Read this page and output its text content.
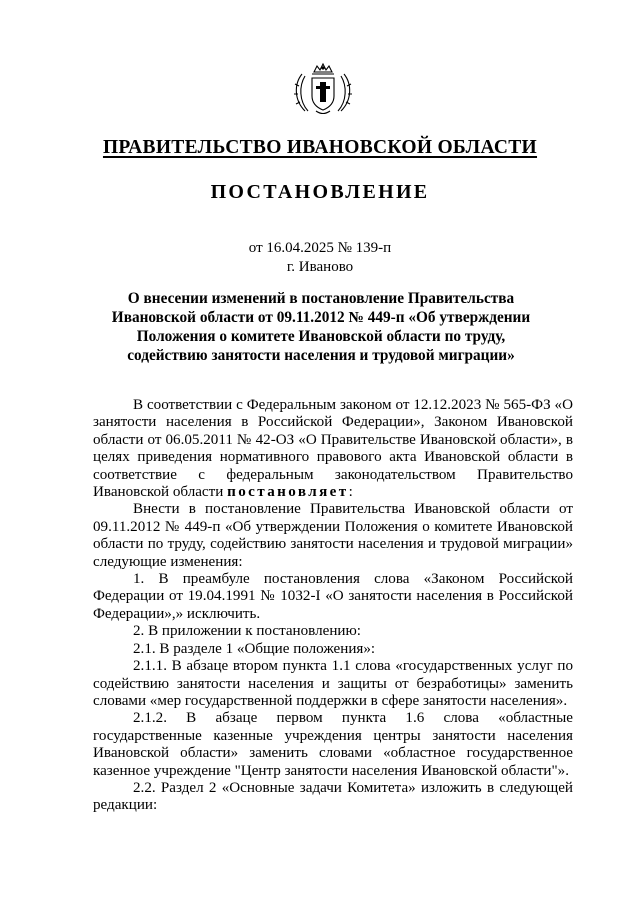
ПРАВИТЕЛЬСТВО ИВАНОВСКОЙ ОБЛАСТИ
ПОСТАНОВЛЕНИЕ
от 16.04.2025 № 139-п
г. Иваново
О внесении изменений в постановление Правительства Ивановской области от 09.11.2012 № 449-п «Об утверждении Положения о комитете Ивановской области по труду, содействию занятости населения и трудовой миграции»

В соответствии с Федеральным законом от 12.12.2023 № 565-ФЗ «О занятости населения в Российской Федерации», Законом Ивановской области от 06.05.2011 № 42-ОЗ «О Правительстве Ивановской области», в целях приведения нормативного правового акта Ивановской области в соответствие с федеральным законодательством Правительство Ивановской области постановляет:

Внести в постановление Правительства Ивановской области от 09.11.2012 № 449-п «Об утверждении Положения о комитете Ивановской области по труду, содействию занятости населения и трудовой миграции» следующие изменения:

1. В преамбуле постановления слова «Законом Российской Федерации от 19.04.1991 № 1032-I «О занятости населения в Российской Федерации»,» исключить.

2. В приложении к постановлению:

2.1. В разделе 1 «Общие положения»:

2.1.1. В абзаце втором пункта 1.1 слова «государственных услуг по содействию занятости населения и защиты от безработицы» заменить словами «мер государственной поддержки в сфере занятости населения».

2.1.2. В абзаце первом пункта 1.6 слова «областные государственные казенные учреждения центры занятости населения Ивановской области» заменить словами «областное государственное казенное учреждение "Центр занятости населения Ивановской области"».

2.2. Раздел 2 «Основные задачи Комитета» изложить в следующей редакции:
